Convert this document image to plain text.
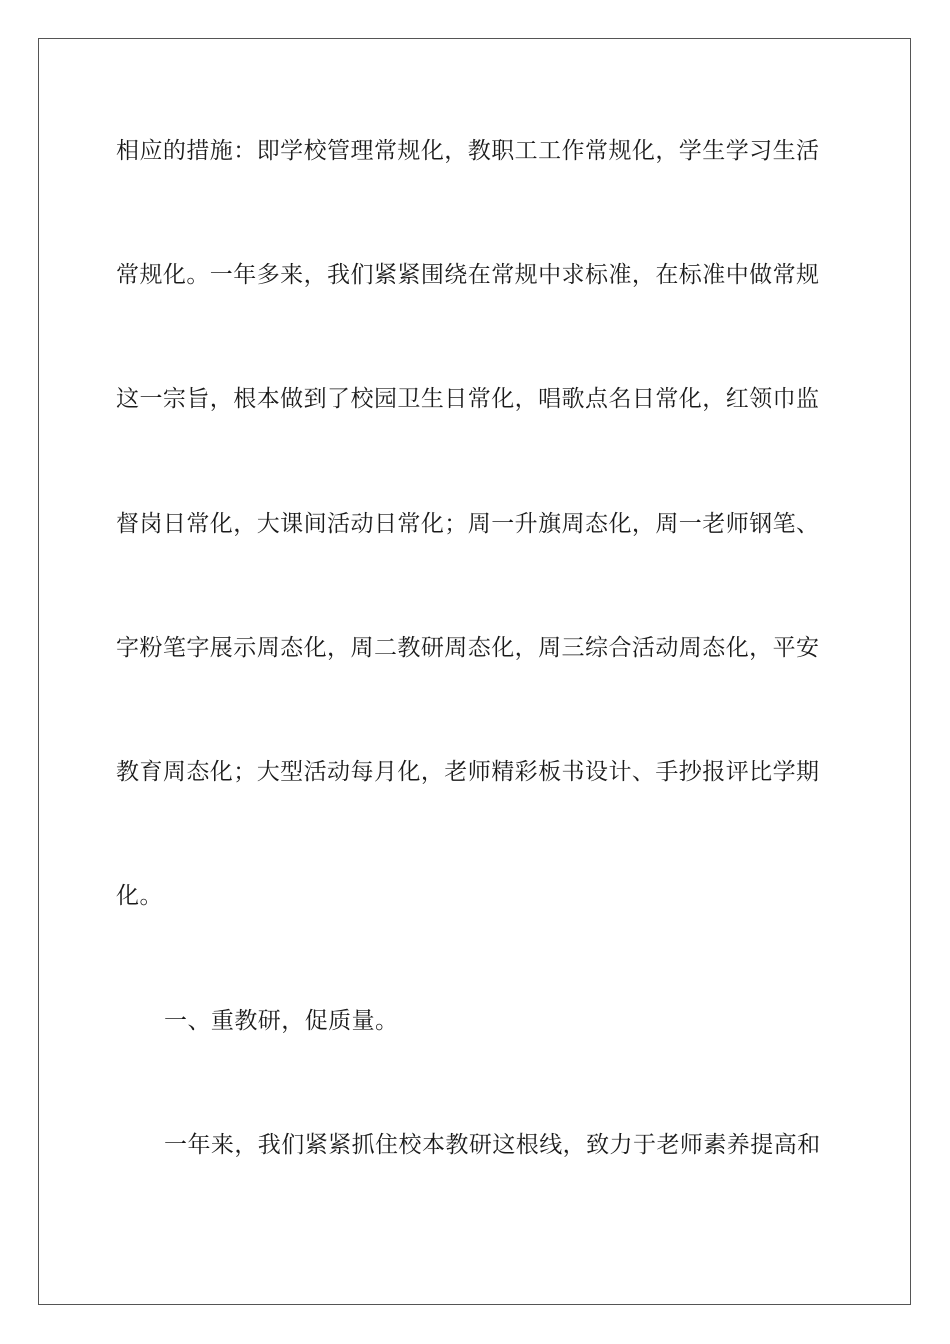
相应的措施：即学校管理常规化，教职工工作常规化，学生学习生活
常规化。一年多来，我们紧紧围绕在常规中求标准，在标准中做常规
这一宗旨，根本做到了校园卫生日常化，唱歌点名日常化，红领巾监
督岗日常化，大课间活动日常化；周一升旗周态化，周一老师钢笔、
字粉笔字展示周态化，周二教研周态化，周三综合活动周态化，平安
教育周态化；大型活动每月化，老师精彩板书设计、手抄报评比学期
化。
一、重教研，促质量。
一年来，我们紧紧抓住校本教研这根线，致力于老师素养提高和
